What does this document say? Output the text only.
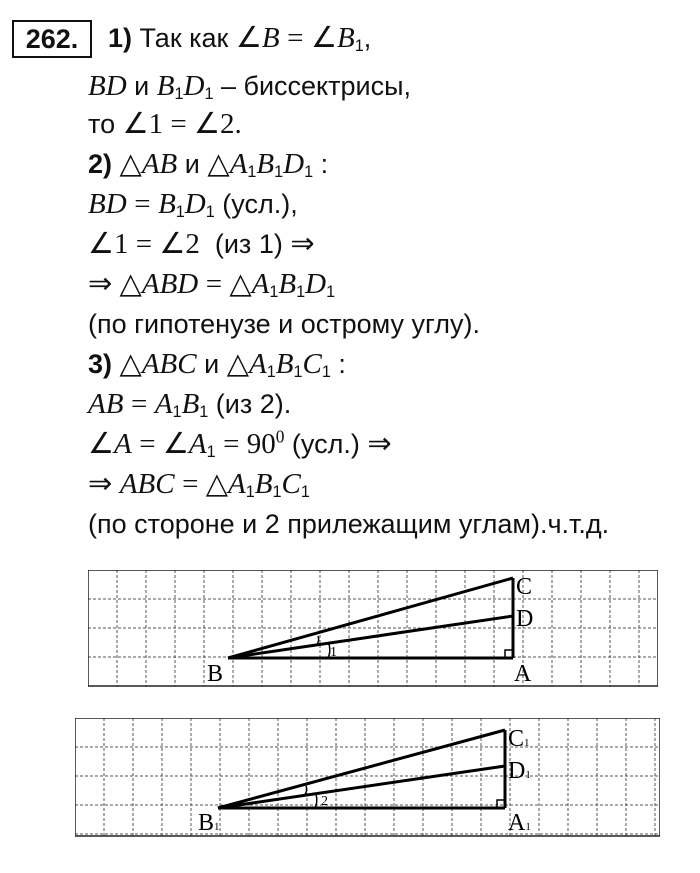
262.	1) Так как ∠B = $\angle B_1$,
BD и $B_1D_1$ – биссектрисы,
то ∠1 = ∠2.
2) △AB и $\triangle A_1B_1D_1$ :
BD = $B_1D_1$ (усл.),
∠1 = ∠2  (из 1) ⇒
⇒ △ABD = $\triangle A_1B_1D_1$
(по гипотенузе и острому углу).
3) △ABC и $\triangle A_1B_1C_1$ :
AB = $A_1B_1$ (из 2).
∠A = $\angle A_1 = 90^0$ (усл.) ⇒
⇒ ABC = $\triangle A_1B_1C_1$
(по стороне и 2 прилежащим углам).ч.т.д.
1
C
D
B	A
2
C1
D1
B1	A1
